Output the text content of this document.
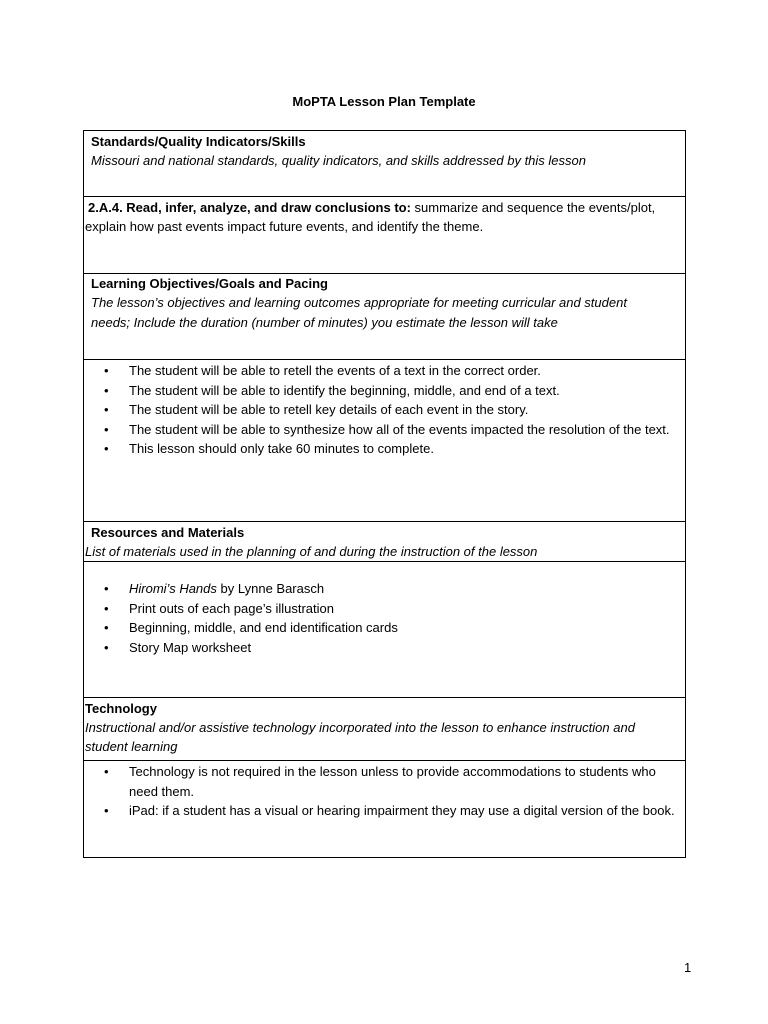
MoPTA Lesson Plan Template
Standards/Quality Indicators/Skills
Missouri and national standards, quality indicators, and skills addressed by this lesson
2.A.4. Read, infer, analyze, and draw conclusions to: summarize and sequence the events/plot,
explain how past events impact future events, and identify the theme.
Learning Objectives/Goals and Pacing
The lesson’s objectives and learning outcomes appropriate for meeting curricular and student
needs; Include the duration (number of minutes) you estimate the lesson will take
• The student will be able to retell the events of a text in the correct order.
• The student will be able to identify the beginning, middle, and end of a text.
• The student will be able to retell key details of each event in the story.
• The student will be able to synthesize how all of the events impacted the resolution of the text.
• This lesson should only take 60 minutes to complete.
Resources and Materials
List of materials used in the planning of and during the instruction of the lesson
• Hiromi’s Hands by Lynne Barasch
• Print outs of each page’s illustration
• Beginning, middle, and end identification cards
• Story Map worksheet
Technology
Instructional and/or assistive technology incorporated into the lesson to enhance instruction and student learning
• Technology is not required in the lesson unless to provide accommodations to students who need them.
• iPad: if a student has a visual or hearing impairment they may use a digital version of the book.
1
